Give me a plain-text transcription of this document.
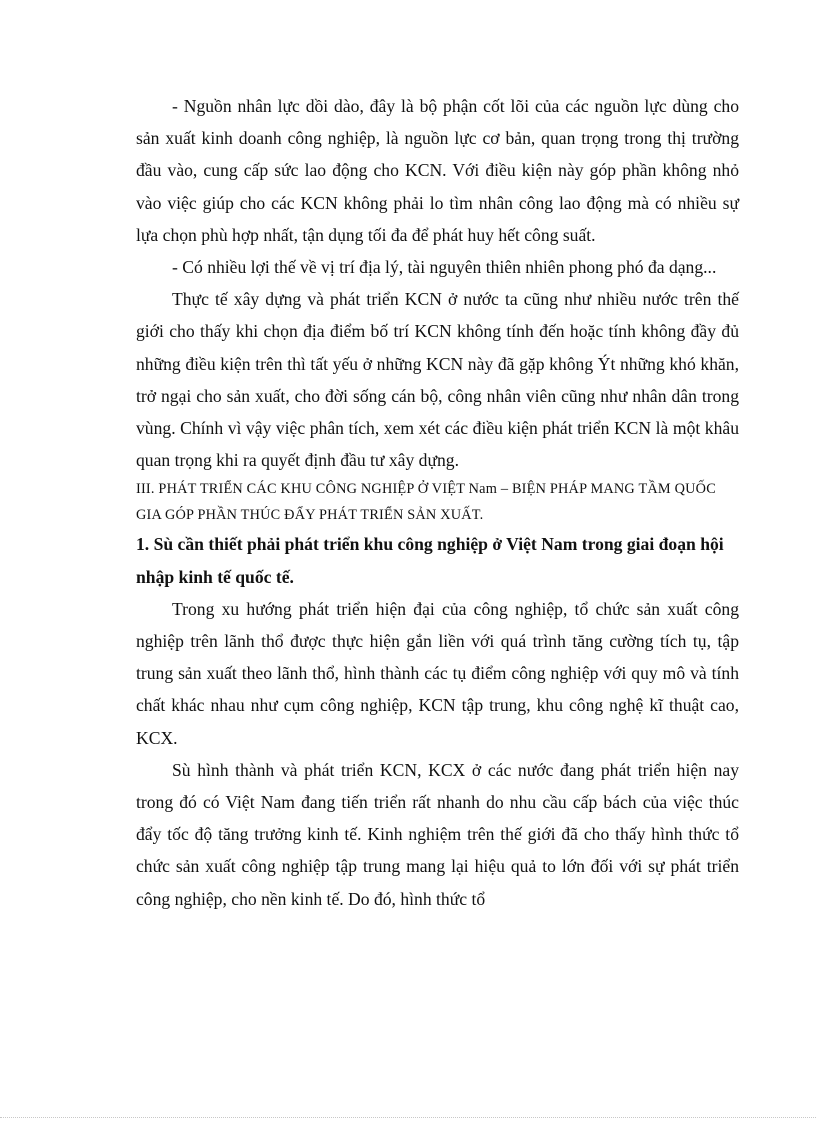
- Nguồn nhân lực dồi dào, đây là bộ phận cốt lõi của các nguồn lực dùng cho sản xuất kinh doanh công nghiệp, là nguồn lực cơ bản, quan trọng trong thị trường đầu vào, cung cấp sức lao động cho KCN. Với điều kiện này góp phần không nhỏ vào việc giúp cho các KCN không phải lo tìm nhân công lao động mà có nhiều sự lựa chọn phù hợp nhất, tận dụng tối đa để phát huy hết công suất.

- Có nhiều lợi thế về vị trí địa lý, tài nguyên thiên nhiên phong phó đa dạng...

Thực tế xây dựng và phát triển KCN ở nước ta cũng như nhiều nước trên thế giới cho thấy khi chọn địa điểm bố trí KCN không tính đến hoặc tính không đầy đủ những điều kiện trên thì tất yếu ở những KCN này đã gặp không Ýt những khó khăn, trở ngại cho sản xuất, cho đời sống cán bộ, công nhân viên cũng như nhân dân trong vùng. Chính vì vậy việc phân tích, xem xét các điều kiện phát triển KCN là một khâu quan trọng khi ra quyết định đầu tư xây dựng.

III. PHÁT TRIỂN CÁC KHU CÔNG NGHIỆP Ở VIỆT Nam – BIỆN PHÁP MANG TẦM QUỐC GIA GÓP PHẦN THÚC ĐẨY PHÁT TRIỂN SẢN XUẤT.

1. Sù cần thiết phải phát triển khu công nghiệp ở Việt Nam trong giai đoạn hội nhập kinh tế quốc tế.

Trong xu hướng phát triển hiện đại của công nghiệp, tổ chức sản xuất công nghiệp trên lãnh thổ được thực hiện gắn liền với quá trình tăng cường tích tụ, tập trung sản xuất theo lãnh thổ, hình thành các tụ điểm công nghiệp với quy mô và tính chất khác nhau như cụm công nghiệp, KCN tập trung, khu công nghệ kĩ thuật cao, KCX.

Sù hình thành và phát triển KCN, KCX ở các nước đang phát triển hiện nay trong đó có Việt Nam đang tiến triển rất nhanh do nhu cầu cấp bách của việc thúc đẩy tốc độ tăng trưởng kinh tế. Kinh nghiệm trên thế giới đã cho thấy hình thức tổ chức sản xuất công nghiệp tập trung mang lại hiệu quả to lớn đối với sự phát triển công nghiệp, cho nền kinh tế. Do đó, hình thức tổ
